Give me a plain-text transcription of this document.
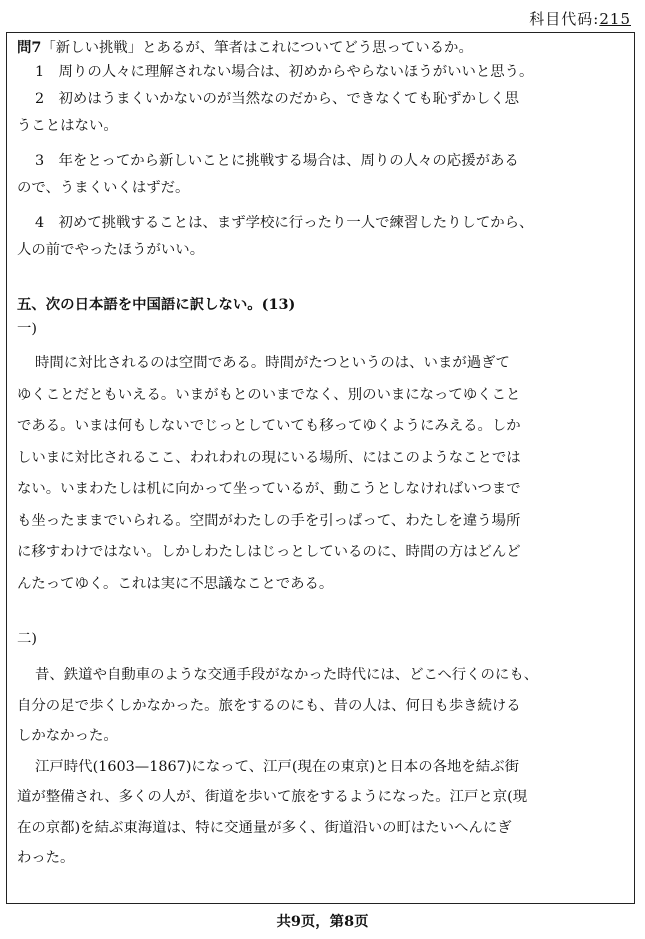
科目代码:215
問7「新しい挑戦」とあるが、筆者はこれについてどう思っているか。
1　周りの人々に理解されない場合は、初めからやらないほうがいいと思う。
2　初めはうまくいかないのが当然なのだから、できなくても恥ずかしく思
うことはない。
3　年をとってから新しいことに挑戦する場合は、周りの人々の応援がある
ので、うまくいくはずだ。
4　初めて挑戦することは、まず学校に行ったり一人で練習したりしてから、
人の前でやったほうがいい。
五、次の日本語を中国語に訳しない。(13)
一)
時間に対比されるのは空間である。時間がたつというのは、いまが過ぎて
ゆくことだともいえる。いまがもとのいまでなく、別のいまになってゆくこと
である。いまは何もしないでじっとしていても移ってゆくようにみえる。しか
しいまに対比されるここ、われわれの現にいる場所、にはこのようなことでは
ない。いまわたしは机に向かって坐っているが、動こうとしなければいつまで
も坐ったままでいられる。空間がわたしの手を引っぱって、わたしを違う場所
に移すわけではない。しかしわたしはじっとしているのに、時間の方はどんど
んたってゆく。これは実に不思議なことである。
二)
昔、鉄道や自動車のような交通手段がなかった時代には、どこへ行くのにも、
自分の足で歩くしかなかった。旅をするのにも、昔の人は、何日も歩き続ける
しかなかった。
江戸時代(1603—1867)になって、江戸(現在の東京)と日本の各地を結ぶ街
道が整備され、多くの人が、街道を歩いて旅をするようになった。江戸と京(現
在の京都)を結ぶ東海道は、特に交通量が多く、街道沿いの町はたいへんにぎ
わった。
共9页，第8页
